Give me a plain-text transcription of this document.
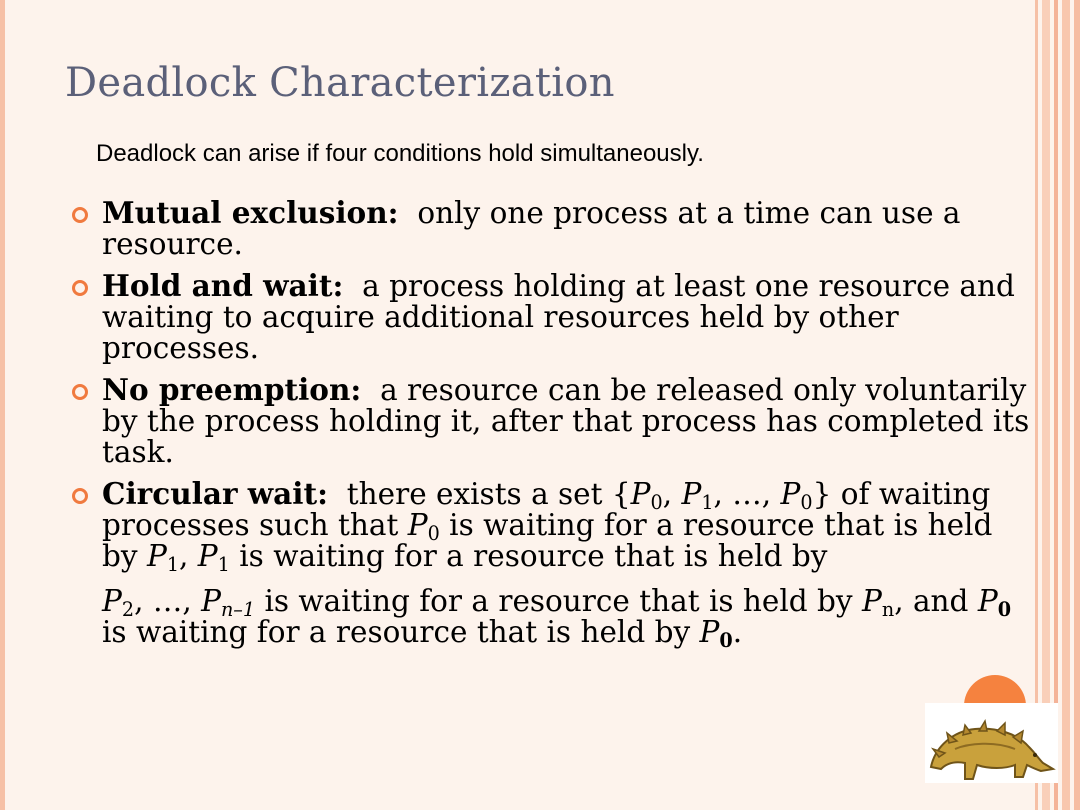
Deadlock Characterization

Deadlock can arise if four conditions hold simultaneously.

Mutual exclusion: only one process at a time can use a resource.
Hold and wait: a process holding at least one resource and waiting to acquire additional resources held by other processes.
No preemption: a resource can be released only voluntarily by the process holding it, after that process has completed its task.
Circular wait: there exists a set {$P_0$, $P_1$, …, $P_0$} of waiting processes such that $P_0$ is waiting for a resource that is held by $P_1$, $P_1$ is waiting for a resource that is held by
$P_2$, …, $P_{n-1}$ is waiting for a resource that is held by $P_n$, and $P_0$ is waiting for a resource that is held by $P_0$.
